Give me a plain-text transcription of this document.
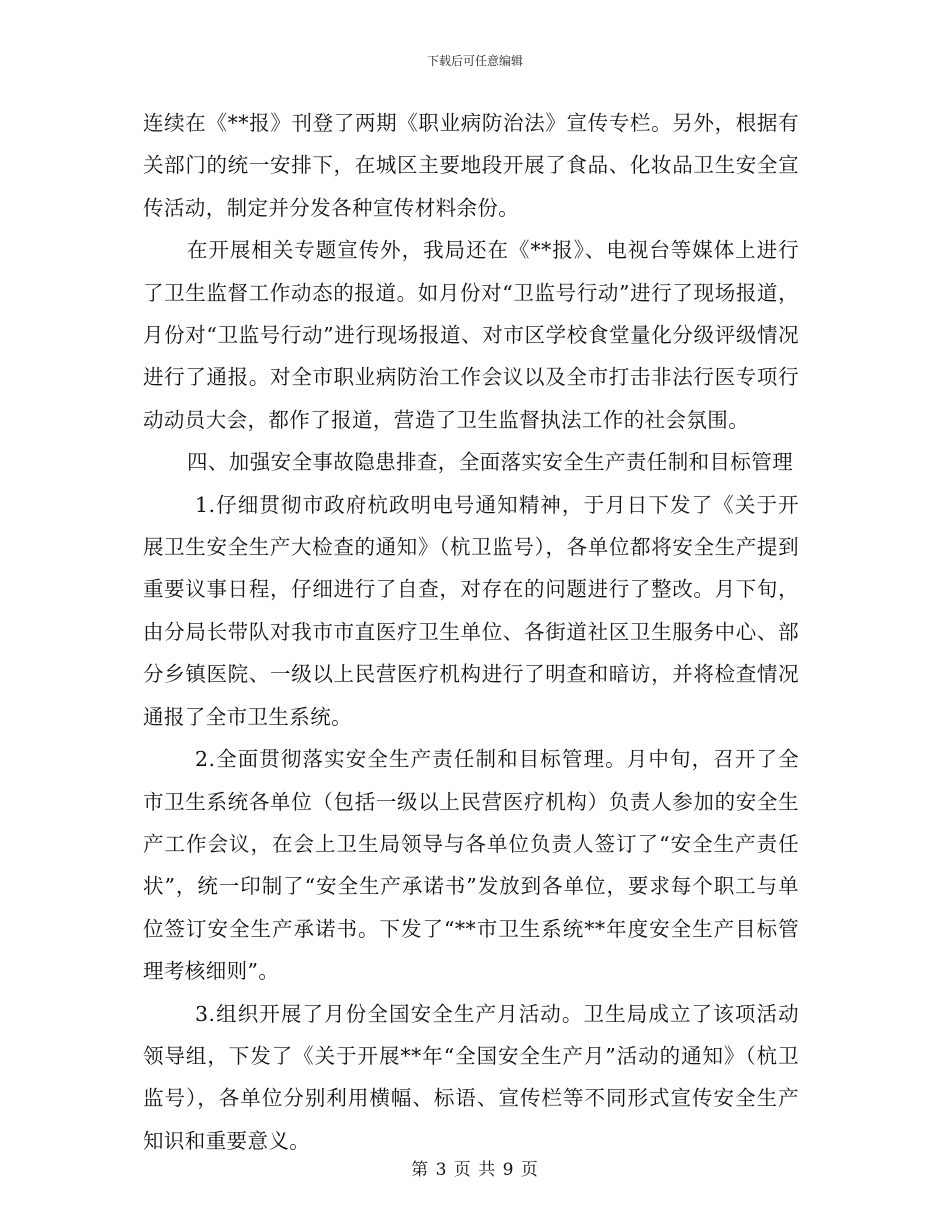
下载后可任意编辑

连续在《**报》刊登了两期《职业病防治法》宣传专栏。另外，根据有关部门的统一安排下，在城区主要地段开展了食品、化妆品卫生安全宣传活动，制定并分发各种宣传材料余份。

在开展相关专题宣传外，我局还在《**报》、电视台等媒体上进行了卫生监督工作动态的报道。如月份对“卫监号行动”进行了现场报道，月份对“卫监号行动”进行现场报道、对市区学校食堂量化分级评级情况进行了通报。对全市职业病防治工作会议以及全市打击非法行医专项行动动员大会，都作了报道，营造了卫生监督执法工作的社会氛围。

四、加强安全事故隐患排查，全面落实安全生产责任制和目标管理

1.仔细贯彻市政府杭政明电号通知精神，于月日下发了《关于开展卫生安全生产大检查的通知》（杭卫监号），各单位都将安全生产提到重要议事日程，仔细进行了自查，对存在的问题进行了整改。月下旬，由分局长带队对我市市直医疗卫生单位、各街道社区卫生服务中心、部分乡镇医院、一级以上民营医疗机构进行了明查和暗访，并将检查情况通报了全市卫生系统。

2.全面贯彻落实安全生产责任制和目标管理。月中旬，召开了全市卫生系统各单位（包括一级以上民营医疗机构）负责人参加的安全生产工作会议，在会上卫生局领导与各单位负责人签订了“安全生产责任状”，统一印制了“安全生产承诺书”发放到各单位，要求每个职工与单位签订安全生产承诺书。下发了“**市卫生系统**年度安全生产目标管理考核细则”。

3.组织开展了月份全国安全生产月活动。卫生局成立了该项活动领导组，下发了《关于开展**年“全国安全生产月”活动的通知》（杭卫监号），各单位分别利用横幅、标语、宣传栏等不同形式宣传安全生产知识和重要意义。

第 3 页 共 9 页
